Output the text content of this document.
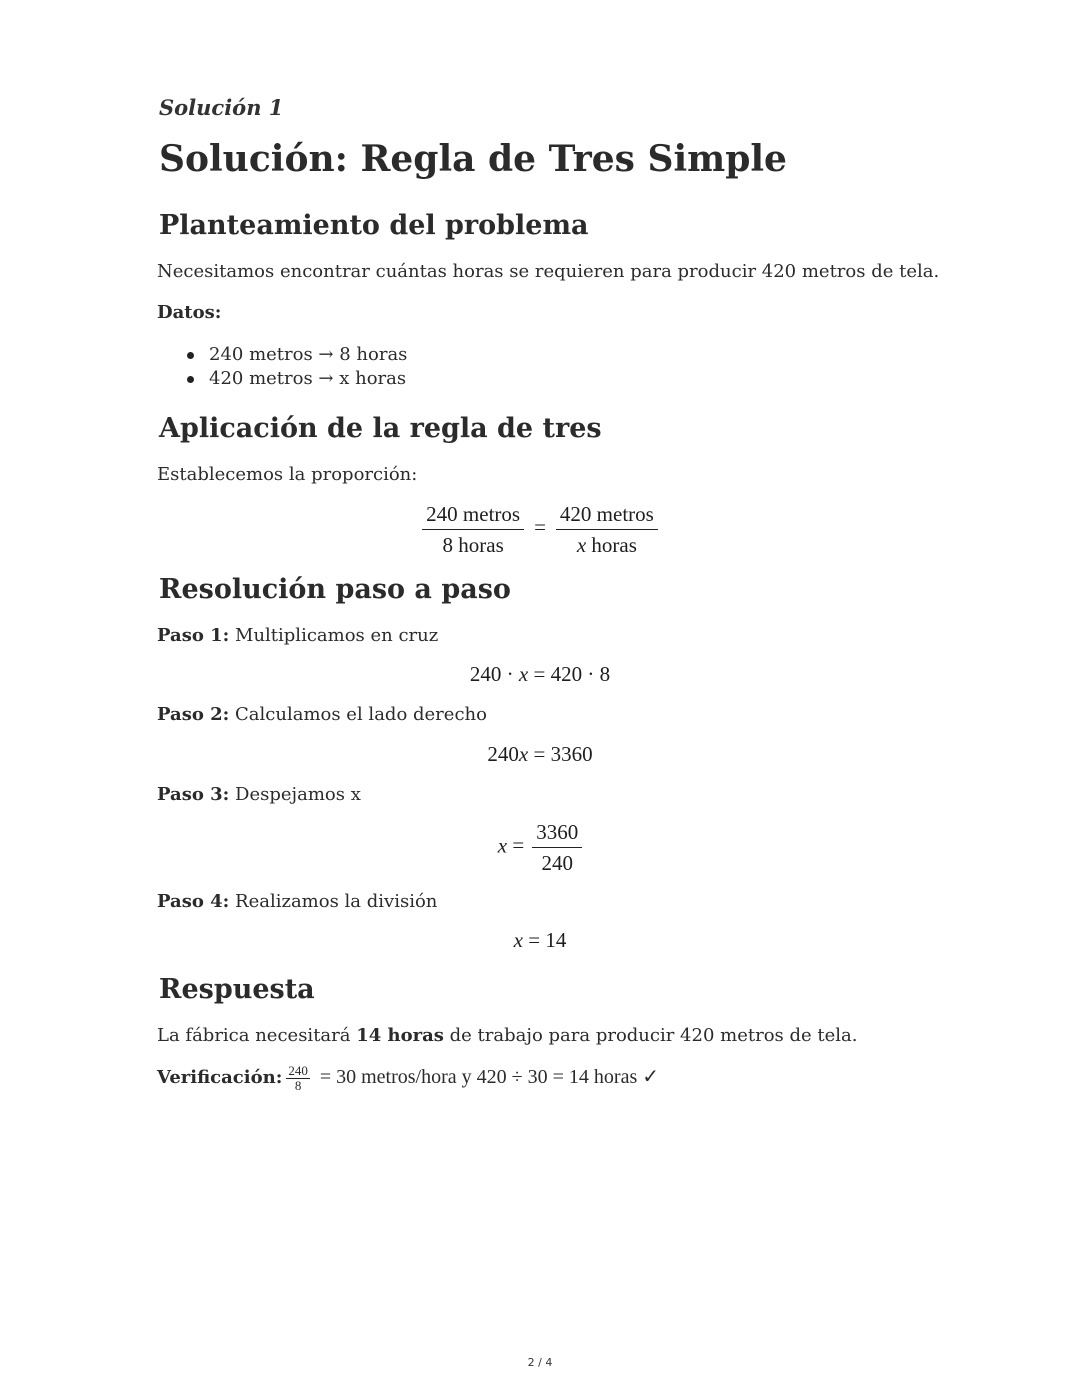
Solución 1
Solución: Regla de Tres Simple
Planteamiento del problema
Necesitamos encontrar cuántas horas se requieren para producir 420 metros de tela.
Datos:
240 metros → 8 horas
420 metros → x horas
Aplicación de la regla de tres
Establecemos la proporción:
$\frac{\text{240 metros}}{\text{8 horas}} = \frac{\text{420 metros}}{\text{x horas}}$
Resolución paso a paso
Paso 1: Multiplicamos en cruz
240 · x = 420 · 8
Paso 2: Calculamos el lado derecho
240x = 3360
Paso 3: Despejamos x
$x = \frac{3360}{240}$
Paso 4: Realizamos la división
x = 14
Respuesta
La fábrica necesitará 14 horas de trabajo para producir 420 metros de tela.
Verificación: $\frac{240}{8} = 30$ metros/hora y 420 ÷ 30 = 14 horas ✓
2 / 4
